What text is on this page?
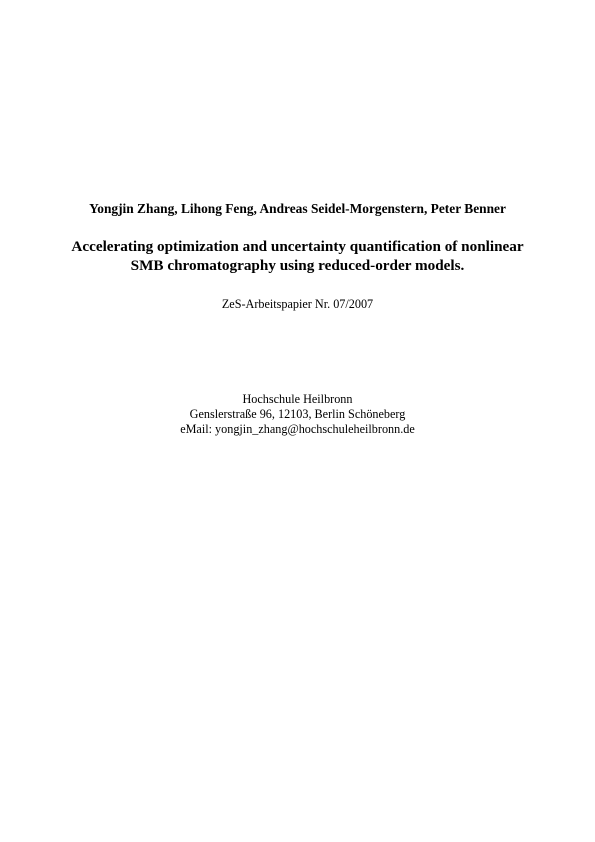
Yongjin Zhang, Lihong Feng, Andreas Seidel-Morgenstern, Peter Benner
Accelerating optimization and uncertainty quantification of nonlinear
SMB chromatography using reduced-order models.
ZeS-Arbeitspapier Nr. 07/2007
Hochschule Heilbronn
Genslerstraße 96, 12103, Berlin Schöneberg
eMail: yongjin_zhang@hochschuleheilbronn.de
